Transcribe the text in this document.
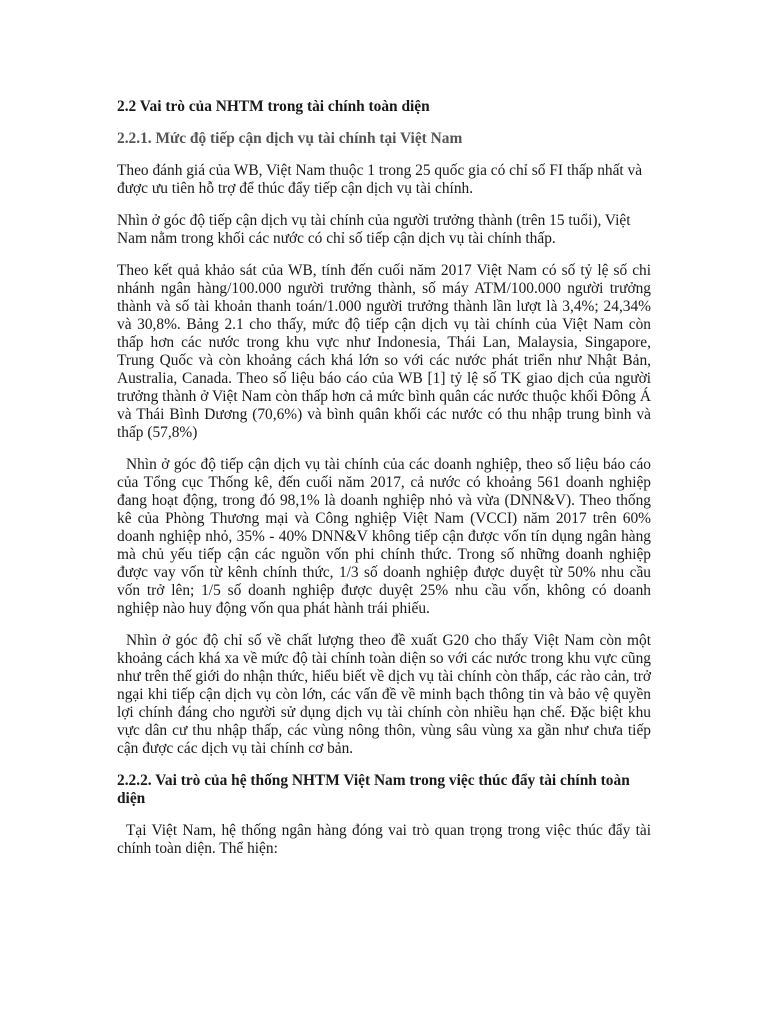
2.2 Vai trò của NHTM trong tài chính toàn diện
2.2.1. Mức độ tiếp cận dịch vụ tài chính tại Việt Nam

Theo đánh giá của WB, Việt Nam thuộc 1 trong 25 quốc gia có chỉ số FI thấp nhất và được ưu tiên hỗ trợ để thúc đẩy tiếp cận dịch vụ tài chính.

Nhìn ở góc độ tiếp cận dịch vụ tài chính của người trưởng thành (trên 15 tuổi), Việt Nam nằm trong khối các nước có chỉ số tiếp cận dịch vụ tài chính thấp.

Theo kết quả khảo sát của WB, tính đến cuối năm 2017 Việt Nam có số tỷ lệ số chi nhánh ngân hàng/100.000 người trưởng thành, số máy ATM/100.000 người trưởng thành và số tài khoản thanh toán/1.000 người trưởng thành lần lượt là 3,4%; 24,34% và 30,8%. Bảng 2.1 cho thấy, mức độ tiếp cận dịch vụ tài chính của Việt Nam còn thấp hơn các nước trong khu vực như Indonesia, Thái Lan, Malaysia, Singapore, Trung Quốc và còn khoảng cách khá lớn so với các nước phát triển như Nhật Bản, Australia, Canada. Theo số liệu báo cáo của WB [1] tỷ lệ số TK giao dịch của người trưởng thành ở Việt Nam còn thấp hơn cả mức bình quân các nước thuộc khối Đông Á và Thái Bình Dương (70,6%) và bình quân khối các nước có thu nhập trung bình và thấp (57,8%)

Nhìn ở góc độ tiếp cận dịch vụ tài chính của các doanh nghiệp, theo số liệu báo cáo của Tổng cục Thống kê, đến cuối năm 2017, cả nước có khoảng 561 doanh nghiệp đang hoạt động, trong đó 98,1% là doanh nghiệp nhỏ và vừa (DNN&V). Theo thống kê của Phòng Thương mại và Công nghiệp Việt Nam (VCCI) năm 2017 trên 60% doanh nghiệp nhỏ, 35% - 40% DNN&V không tiếp cận được vốn tín dụng ngân hàng mà chủ yếu tiếp cận các nguồn vốn phi chính thức. Trong số những doanh nghiệp được vay vốn từ kênh chính thức, 1/3 số doanh nghiệp được duyệt từ 50% nhu cầu vốn trở lên; 1/5 số doanh nghiệp được duyệt 25% nhu cầu vốn, không có doanh nghiệp nào huy động vốn qua phát hành trái phiếu.

Nhìn ở góc độ chỉ số về chất lượng theo đề xuất G20 cho thấy Việt Nam còn một khoảng cách khá xa về mức độ tài chính toàn diện so với các nước trong khu vực cũng như trên thế giới do nhận thức, hiểu biết về dịch vụ tài chính còn thấp, các rào cản, trở ngại khi tiếp cận dịch vụ còn lớn, các vấn đề về minh bạch thông tin và bảo vệ quyền lợi chính đáng cho người sử dụng dịch vụ tài chính còn nhiều hạn chế. Đặc biệt khu vực dân cư thu nhập thấp, các vùng nông thôn, vùng sâu vùng xa gần như chưa tiếp cận được các dịch vụ tài chính cơ bản.

2.2.2. Vai trò của hệ thống NHTM Việt Nam trong việc thúc đẩy tài chính toàn diện

Tại Việt Nam, hệ thống ngân hàng đóng vai trò quan trọng trong việc thúc đẩy tài chính toàn diện. Thể hiện:
